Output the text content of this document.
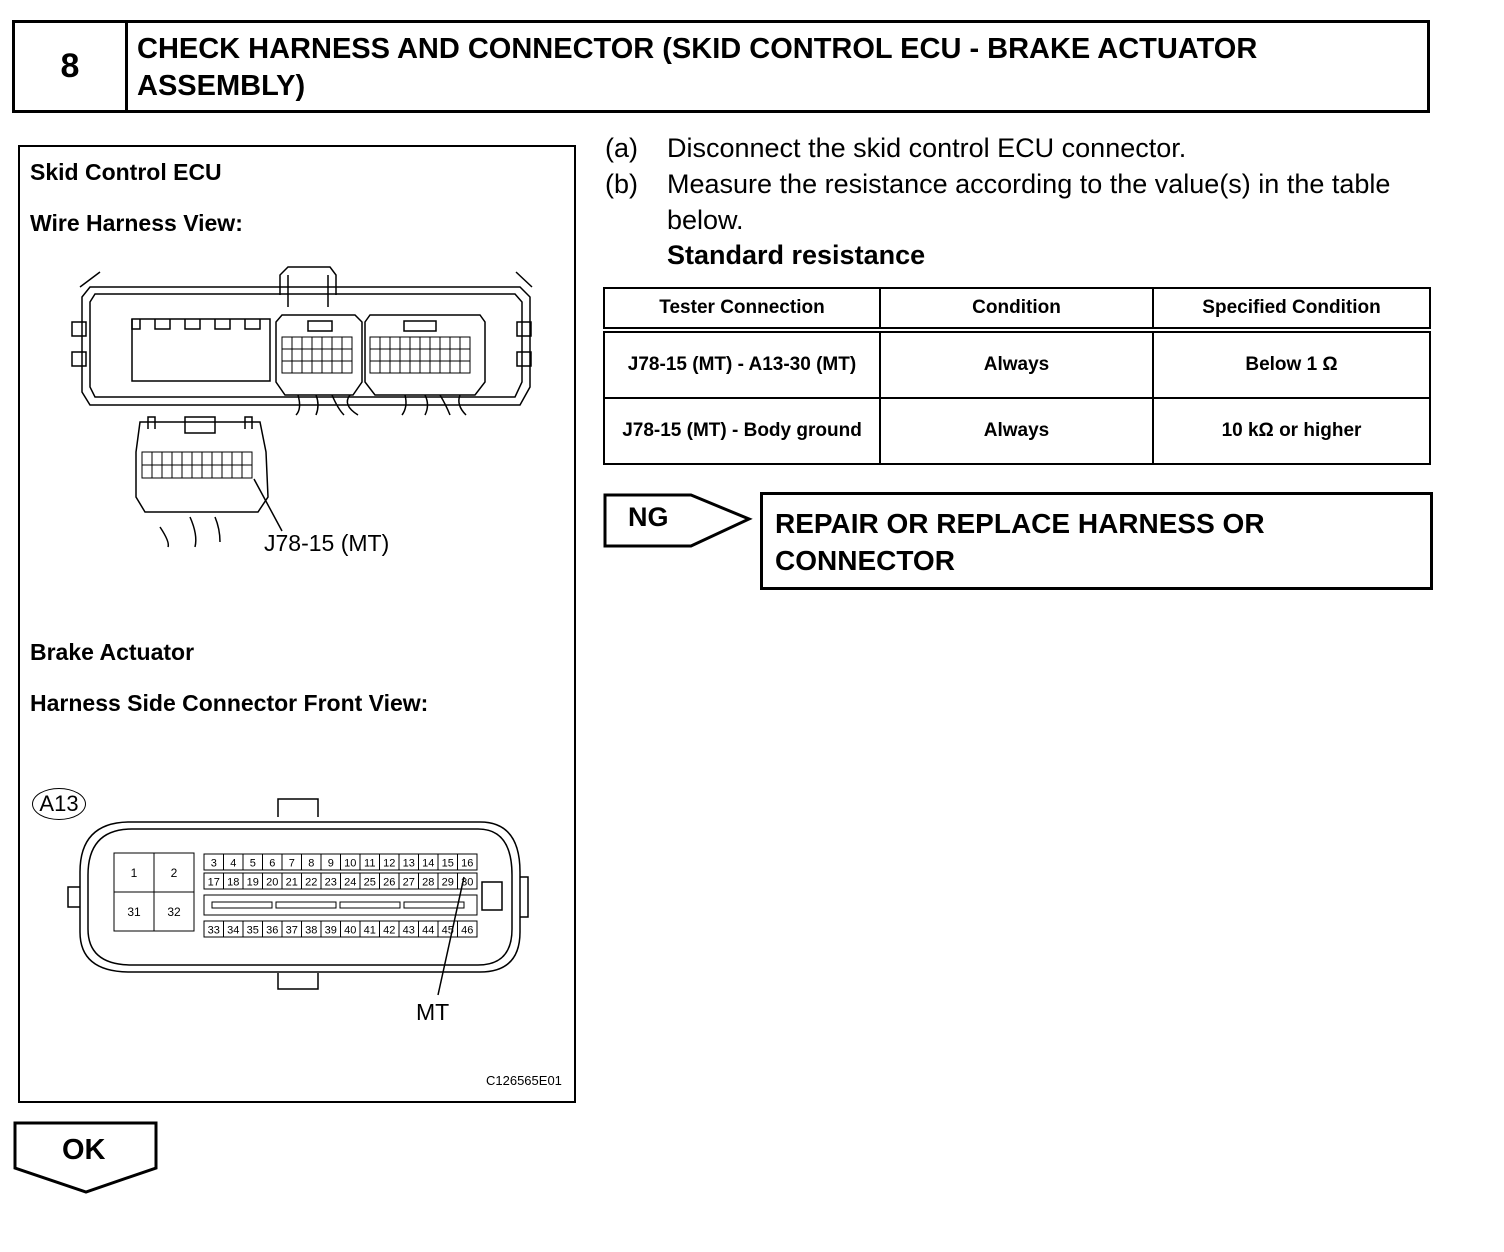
8	CHECK HARNESS AND CONNECTOR (SKID CONTROL ECU - BRAKE ACTUATOR ASSEMBLY)
Skid Control ECU
Wire Harness View:
1	2
31 32
3 4 5 6 7 8 9 10 11 12 13 14 15 16
17 18 19 20 21 22 23 24 25 26 27 28 29 30
33 34 35 36 37 38 39 40 41 42 43 44 45 46
J78-15 (MT)
Brake Actuator
Harness Side Connector Front View:
A13
MT
C126565E01
(a) Disconnect the skid control ECU connector.
(b) Measure the resistance according to the value(s) in the table below.
Standard resistance
Tester Connection	Condition	Specified Condition
J78-15 (MT) - A13-30 (MT)	Always	Below 1 Ω
J78-15 (MT) - Body ground	Always	10 kΩ or higher
NG	REPAIR OR REPLACE HARNESS OR CONNECTOR
OK
